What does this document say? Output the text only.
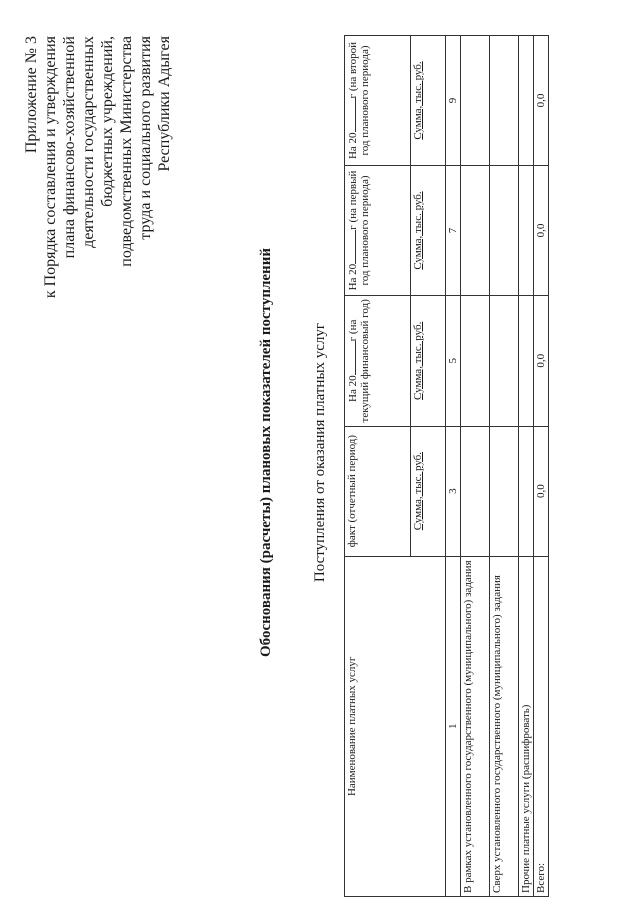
Приложение № 3 к Порядка составления и утверждения плана финансово-хозяйственной деятельности государственных бюджетных учреждений, подведомственных Министерства труда и социального развития Республики Адыгея
Обоснования (расчеты) плановых показателей поступлений	Поступления от оказания платных услуг
Наименование платных услуг	факт (отчетный период)	На 20г (на текущий финансовый год)	На 20г (на первый год планового периода)	На 20г (на второй год планового периода)
	Сумма, тыс. руб.	Сумма, тыс. руб.	Сумма, тыс. руб.	Сумма, тыс. руб.
1	3	5	7	9
В рамках установленного государственного (муниципального) задания				
Сверх установленного государственного (муниципального) задания				
Прочие платные услуги (расшифровать)				
Всего:	0,0	0,0	0,0	0,0
